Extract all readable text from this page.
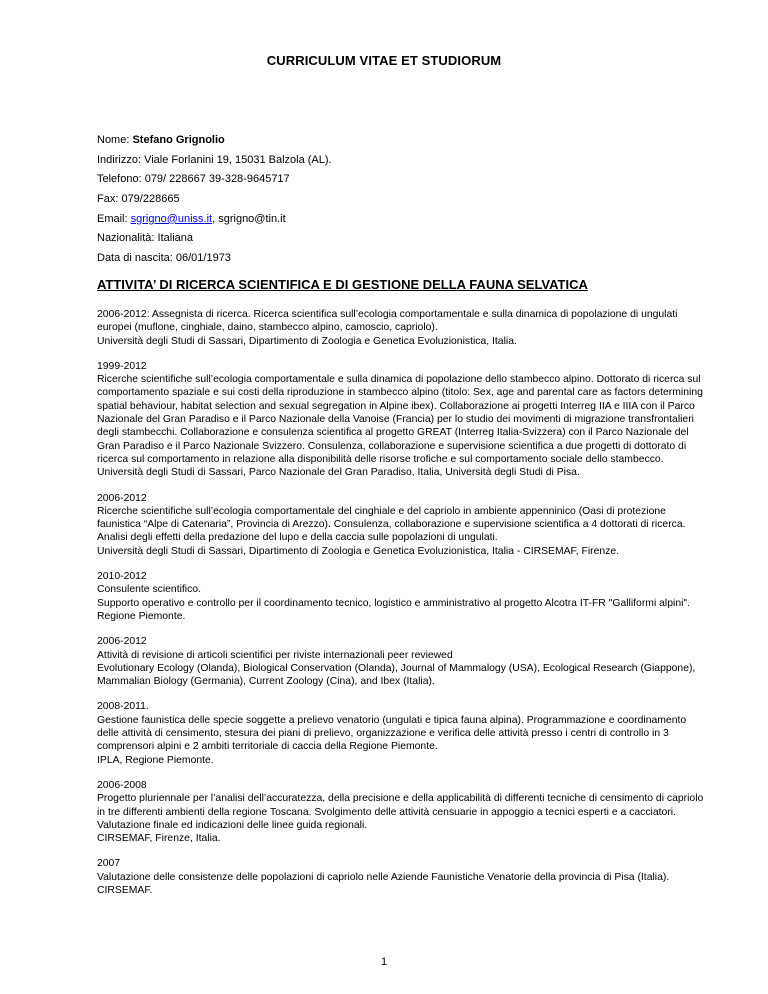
CURRICULUM VITAE ET STUDIORUM
Nome: Stefano Grignolio
Indirizzo: Viale Forlanini 19, 15031 Balzola (AL).
Telefono: 079/ 228667 39-328-9645717
Fax: 079/228665
Email: sgrigno@uniss.it, sgrigno@tin.it
Nazionalità: Italiana
Data di nascita: 06/01/1973
ATTIVITA’ DI RICERCA SCIENTIFICA E DI GESTIONE DELLA FAUNA SELVATICA
2006-2012: Assegnista di ricerca. Ricerca scientifica sull’ecologia comportamentale e sulla dinamica di popolazione di ungulati europei (muflone, cinghiale, daino, stambecco alpino, camoscio, capriolo).
Università degli Studi di Sassari, Dipartimento di Zoologia e Genetica Evoluzionistica, Italia.
1999-2012
Ricerche scientifiche sull’ecologia comportamentale e sulla dinamica di popolazione dello stambecco alpino. Dottorato di ricerca sul comportamento spaziale e sui costi della riproduzione in stambecco alpino (titolo: Sex, age and parental care as factors determining spatial behaviour, habitat selection and sexual segregation in Alpine ibex). Collaborazione ai progetti Interreg IIA e IIIA con il Parco Nazionale del Gran Paradiso e il Parco Nazionale della Vanoise (Francia) per lo studio dei movimenti di migrazione transfrontalieri degli stambecchi. Collaborazione e consulenza scientifica al progetto GREAT (Interreg Italia-Svizzera) con il Parco Nazionale del Gran Paradiso e il Parco Nazionale Svizzero. Consulenza, collaborazione e supervisione scientifica a due progetti di dottorato di ricerca sul comportamento in relazione alla disponibilità delle risorse trofiche e sul comportamento sociale dello stambecco.
Università degli Studi di Sassari, Parco Nazionale del Gran Paradiso, Italia, Università degli Studi di Pisa.
2006-2012
Ricerche scientifiche sull’ecologia comportamentale del cinghiale e del capriolo in ambiente appenninico (Oasi di protezione faunistica “Alpe di Catenaria”, Provincia di Arezzo). Consulenza, collaborazione e supervisione scientifica a 4 dottorati di ricerca. Analisi degli effetti della predazione del lupo e della caccia sulle popolazioni di ungulati.
Università degli Studi di Sassari, Dipartimento di Zoologia e Genetica Evoluzionistica, Italia - CIRSEMAF, Firenze.
2010-2012
Consulente scientifico.
Supporto operativo e controllo per il coordinamento tecnico, logistico e amministrativo al progetto Alcotra IT-FR "Galliformi alpini".
Regione Piemonte.
2006-2012
Attività di revisione di articoli scientifici per riviste internazionali peer reviewed
Evolutionary Ecology (Olanda), Biological Conservation (Olanda), Journal of Mammalogy (USA), Ecological Research (Giappone), Mammalian Biology (Germania), Current Zoology (Cina), and Ibex (Italia).
2008-2011.
Gestione faunistica delle specie soggette a prelievo venatorio (ungulati e tipica fauna alpina). Programmazione e coordinamento delle attività di censimento, stesura dei piani di prelievo, organizzazione e verifica delle attività presso i centri di controllo in 3 comprensori alpini e 2 ambiti territoriale di caccia della Regione Piemonte.
IPLA, Regione Piemonte.
2006-2008
Progetto pluriennale per l’analisi dell’accuratezza, della precisione e della applicabilità di differenti tecniche di censimento di capriolo in tre differenti ambienti della regione Toscana. Svolgimento delle attività censuarie in appoggio a tecnici esperti e a cacciatori. Valutazione finale ed indicazioni delle linee guida regionali.
CIRSEMAF, Firenze, Italia.
2007
Valutazione delle consistenze delle popolazioni di capriolo nelle Aziende Faunistiche Venatorie della provincia di Pisa (Italia).
CIRSEMAF.
1
